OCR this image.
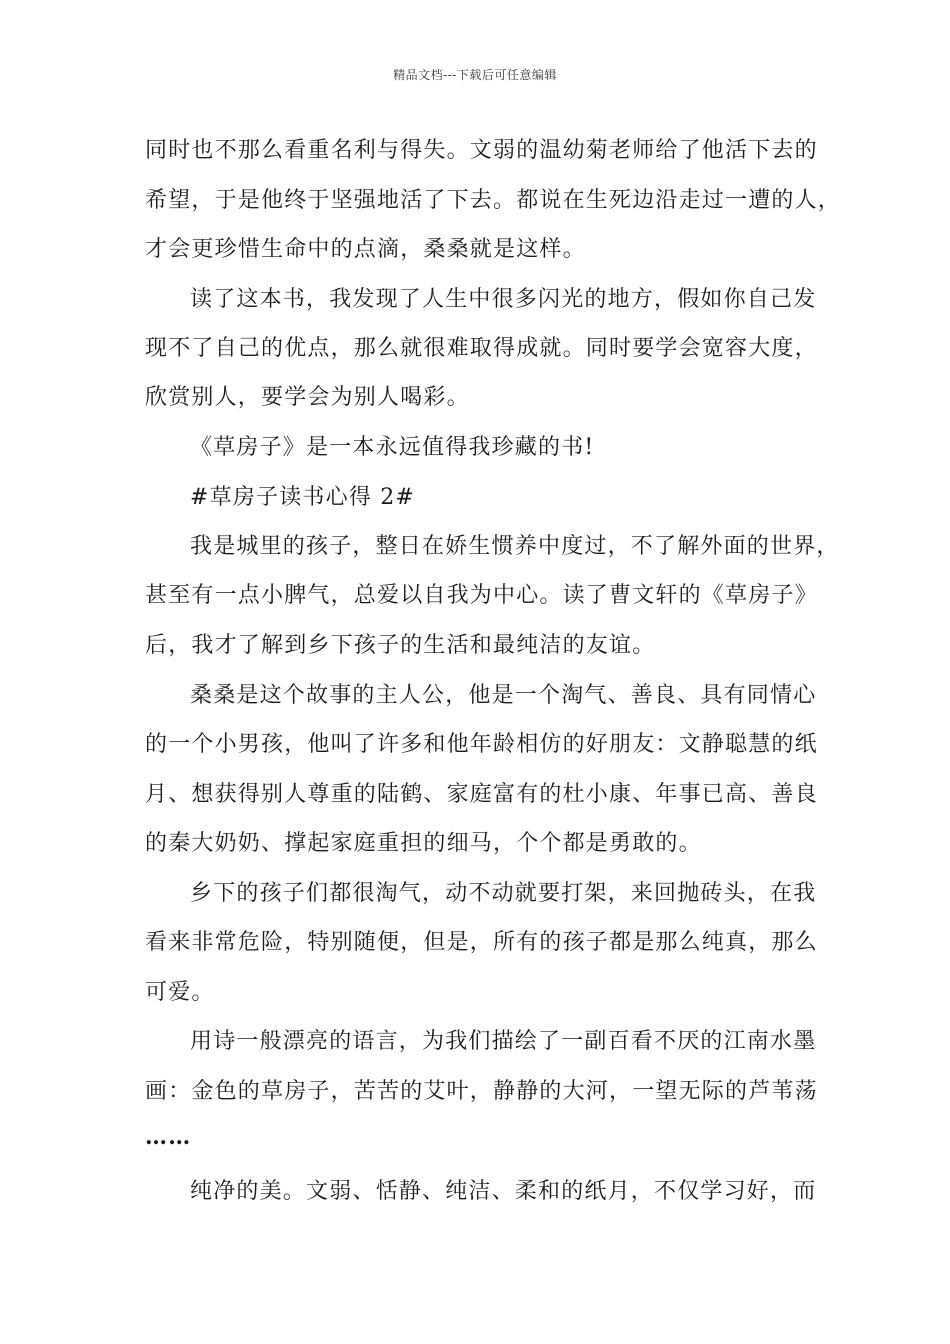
精品文档---下载后可任意编辑
同时也不那么看重名利与得失。文弱的温幼菊老师给了他活下去的
希望，于是他终于坚强地活了下去。都说在生死边沿走过一遭的人，
才会更珍惜生命中的点滴，桑桑就是这样。
读了这本书，我发现了人生中很多闪光的地方，假如你自己发
现不了自己的优点，那么就很难取得成就。同时要学会宽容大度，
欣赏别人，要学会为别人喝彩。
《草房子》是一本永远值得我珍藏的书!
#草房子读书心得 2#
我是城里的孩子，整日在娇生惯养中度过，不了解外面的世界，
甚至有一点小脾气，总爱以自我为中心。读了曹文轩的《草房子》
后，我才了解到乡下孩子的生活和最纯洁的友谊。
桑桑是这个故事的主人公，他是一个淘气、善良、具有同情心
的一个小男孩，他叫了许多和他年龄相仿的好朋友：文静聪慧的纸
月、想获得别人尊重的陆鹤、家庭富有的杜小康、年事已高、善良
的秦大奶奶、撑起家庭重担的细马，个个都是勇敢的。
乡下的孩子们都很淘气，动不动就要打架，来回抛砖头，在我
看来非常危险，特别随便，但是，所有的孩子都是那么纯真，那么
可爱。
用诗一般漂亮的语言，为我们描绘了一副百看不厌的江南水墨
画：金色的草房子，苦苦的艾叶，静静的大河，一望无际的芦苇荡
……
纯净的美。文弱、恬静、纯洁、柔和的纸月，不仅学习好，而
